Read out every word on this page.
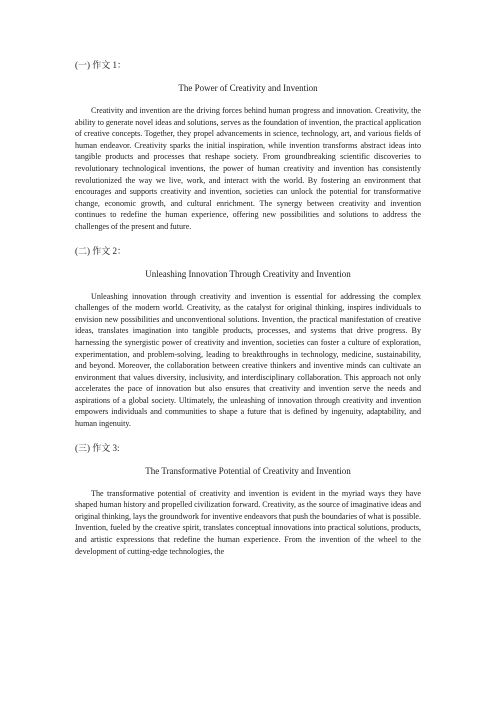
(一) 作文 1：

The Power of Creativity and Invention

Creativity and invention are the driving forces behind human progress and innovation. Creativity, the ability to generate novel ideas and solutions, serves as the foundation of invention, the practical application of creative concepts. Together, they propel advancements in science, technology, art, and various fields of human endeavor. Creativity sparks the initial inspiration, while invention transforms abstract ideas into tangible products and processes that reshape society. From groundbreaking scientific discoveries to revolutionary technological inventions, the power of human creativity and invention has consistently revolutionized the way we live, work, and interact with the world. By fostering an environment that encourages and supports creativity and invention, societies can unlock the potential for transformative change, economic growth, and cultural enrichment. The synergy between creativity and invention continues to redefine the human experience, offering new possibilities and solutions to address the challenges of the present and future.

(二) 作文 2：

Unleashing Innovation Through Creativity and Invention

Unleashing innovation through creativity and invention is essential for addressing the complex challenges of the modern world. Creativity, as the catalyst for original thinking, inspires individuals to envision new possibilities and unconventional solutions. Invention, the practical manifestation of creative ideas, translates imagination into tangible products, processes, and systems that drive progress. By harnessing the synergistic power of creativity and invention, societies can foster a culture of exploration, experimentation, and problem-solving, leading to breakthroughs in technology, medicine, sustainability, and beyond. Moreover, the collaboration between creative thinkers and inventive minds can cultivate an environment that values diversity, inclusivity, and interdisciplinary collaboration. This approach not only accelerates the pace of innovation but also ensures that creativity and invention serve the needs and aspirations of a global society. Ultimately, the unleashing of innovation through creativity and invention empowers individuals and communities to shape a future that is defined by ingenuity, adaptability, and human ingenuity.

(三) 作文 3:

The Transformative Potential of Creativity and Invention

The transformative potential of creativity and invention is evident in the myriad ways they have shaped human history and propelled civilization forward. Creativity, as the source of imaginative ideas and original thinking, lays the groundwork for inventive endeavors that push the boundaries of what is possible. Invention, fueled by the creative spirit, translates conceptual innovations into practical solutions, products, and artistic expressions that redefine the human experience. From the invention of the wheel to the development of cutting-edge technologies, the
